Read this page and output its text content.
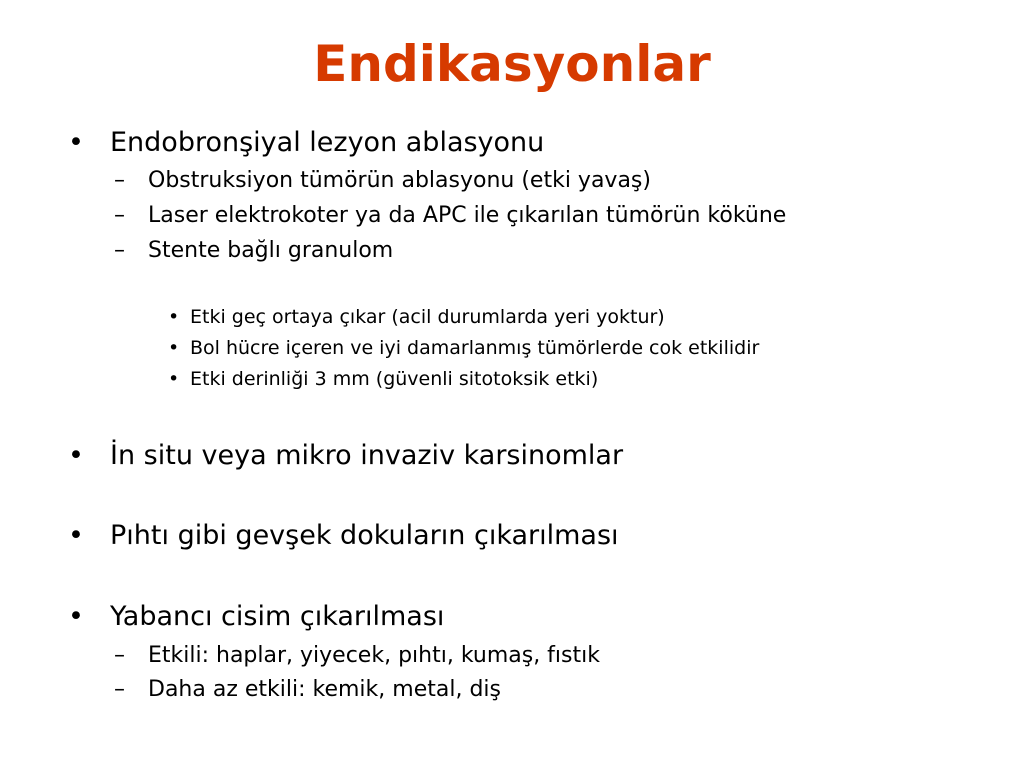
Endikasyonlar
• Endobronşiyal lezyon ablasyonu
–	Obstruksiyon tümörün ablasyonu (etki yavaş)
–	Laser elektrokoter ya da APC ile çıkarılan tümörün köküne
–	Stente bağlı granulom
• Etki geç ortaya çıkar (acil durumlarda yeri yoktur)
• Bol hücre içeren ve iyi damarlanmış tümörlerde cok etkilidir
• Etki derinliği 3 mm (güvenli sitotoksik etki)
• İn situ veya mikro invaziv karsinomlar
• Pıhtı gibi gevşek dokuların çıkarılması
• Yabancı cisim çıkarılması
–	Etkili: haplar, yiyecek, pıhtı, kumaş, fıstık
–	Daha az etkili: kemik, metal, diş
